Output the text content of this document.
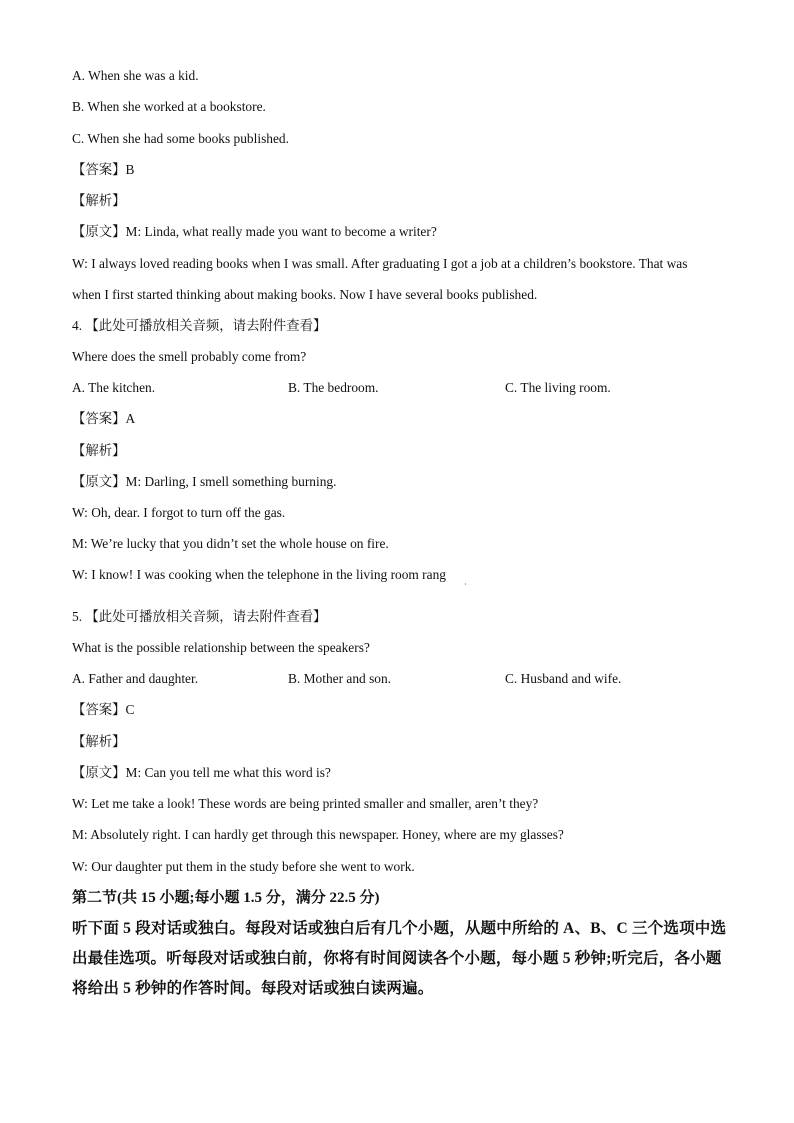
A. When she was a kid.
B. When she worked at a bookstore.
C. When she had some books published.
【答案】B
【解析】
【原文】M: Linda, what really made you want to become a writer?
W: I always loved reading books when I was small. After graduating I got a job at a children’s bookstore. That was
when I first started thinking about making books. Now I have several books published.
4. 【此处可播放相关音频，请去附件查看】
Where does the smell probably come from?
A. The kitchen.	B. The bedroom.	C. The living room.
【答案】A
【解析】
【原文】M: Darling, I smell something burning.
W: Oh, dear. I forgot to turn off the gas.
M: We’re lucky that you didn’t set the whole house on fire.
W: I know! I was cooking when the telephone in the living room rang
·
5. 【此处可播放相关音频，请去附件查看】
What is the possible relationship between the speakers?
A. Father and daughter.	B. Mother and son.	C. Husband and wife.
【答案】C
【解析】
【原文】M: Can you tell me what this word is?
W: Let me take a look! These words are being printed smaller and smaller, aren’t they?
M: Absolutely right. I can hardly get through this newspaper. Honey, where are my glasses?
W: Our daughter put them in the study before she went to work.
第二节(共 15 小题;每小题 1.5 分，满分 22.5 分)
听下面 5 段对话或独白。每段对话或独白后有几个小题，从题中所给的 A、B、C 三个选项中选出最佳选项。听每段对话或独白前，你将有时间阅读各个小题，每小题 5 秒钟;听完后，各小题将给出 5 秒钟的作答时间。每段对话或独白读两遍。
